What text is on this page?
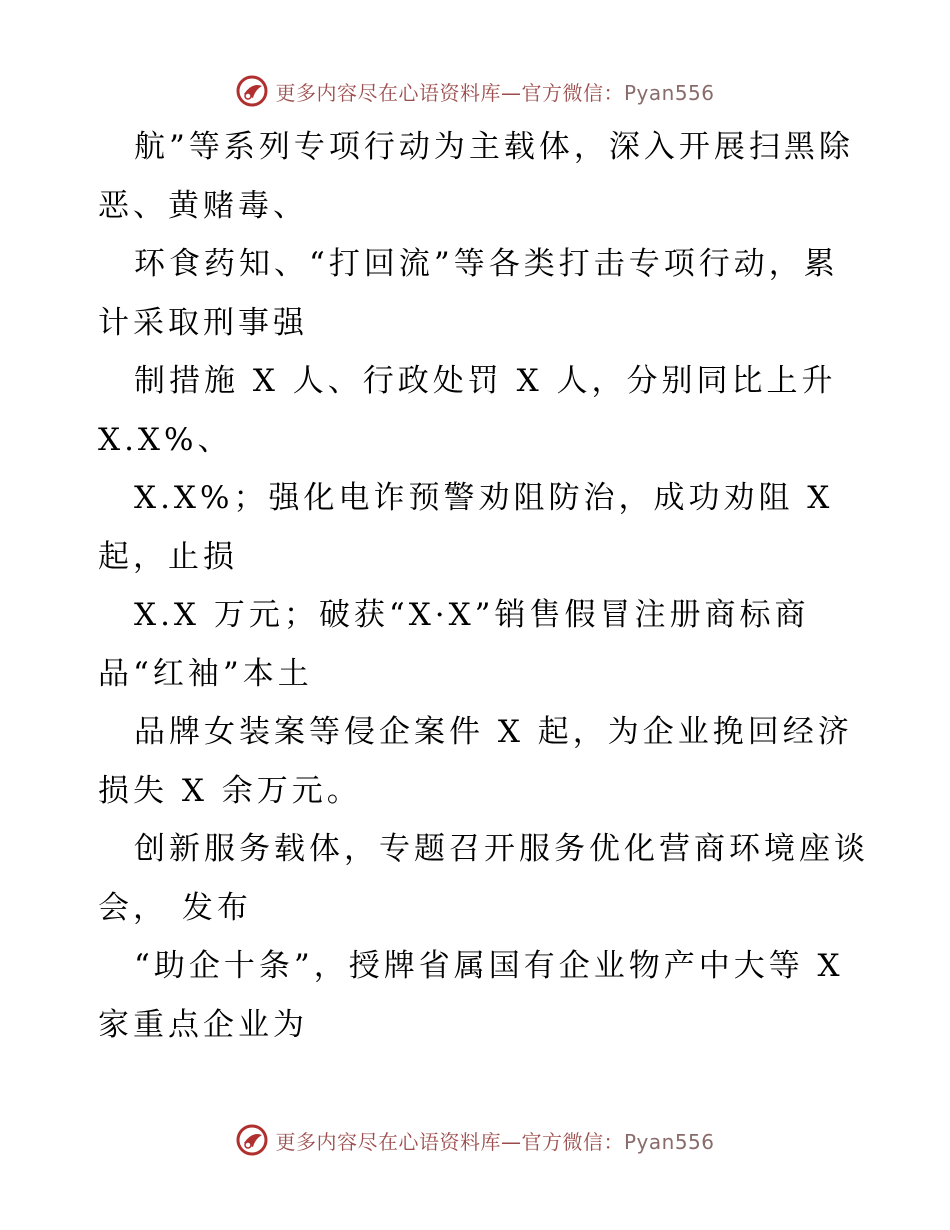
更多内容尽在心语资料库—官方微信：Pyan556
航”等系列专项行动为主载体，深入开展扫黑除
恶、黄赌毒、
环食药知、“打回流”等各类打击专项行动，累
计采取刑事强
制措施 X 人、行政处罚 X 人，分别同比上升
X.X%、
X.X%；强化电诈预警劝阻防治，成功劝阻 X
起，止损
X.X 万元；破获“X·X”销售假冒注册商标商
品“红袖”本土
品牌女装案等侵企案件 X 起，为企业挽回经济
损失 X 余万元。
创新服务载体，专题召开服务优化营商环境座谈
会， 发布
“助企十条”，授牌省属国有企业物产中大等 X
家重点企业为
更多内容尽在心语资料库—官方微信：Pyan556
